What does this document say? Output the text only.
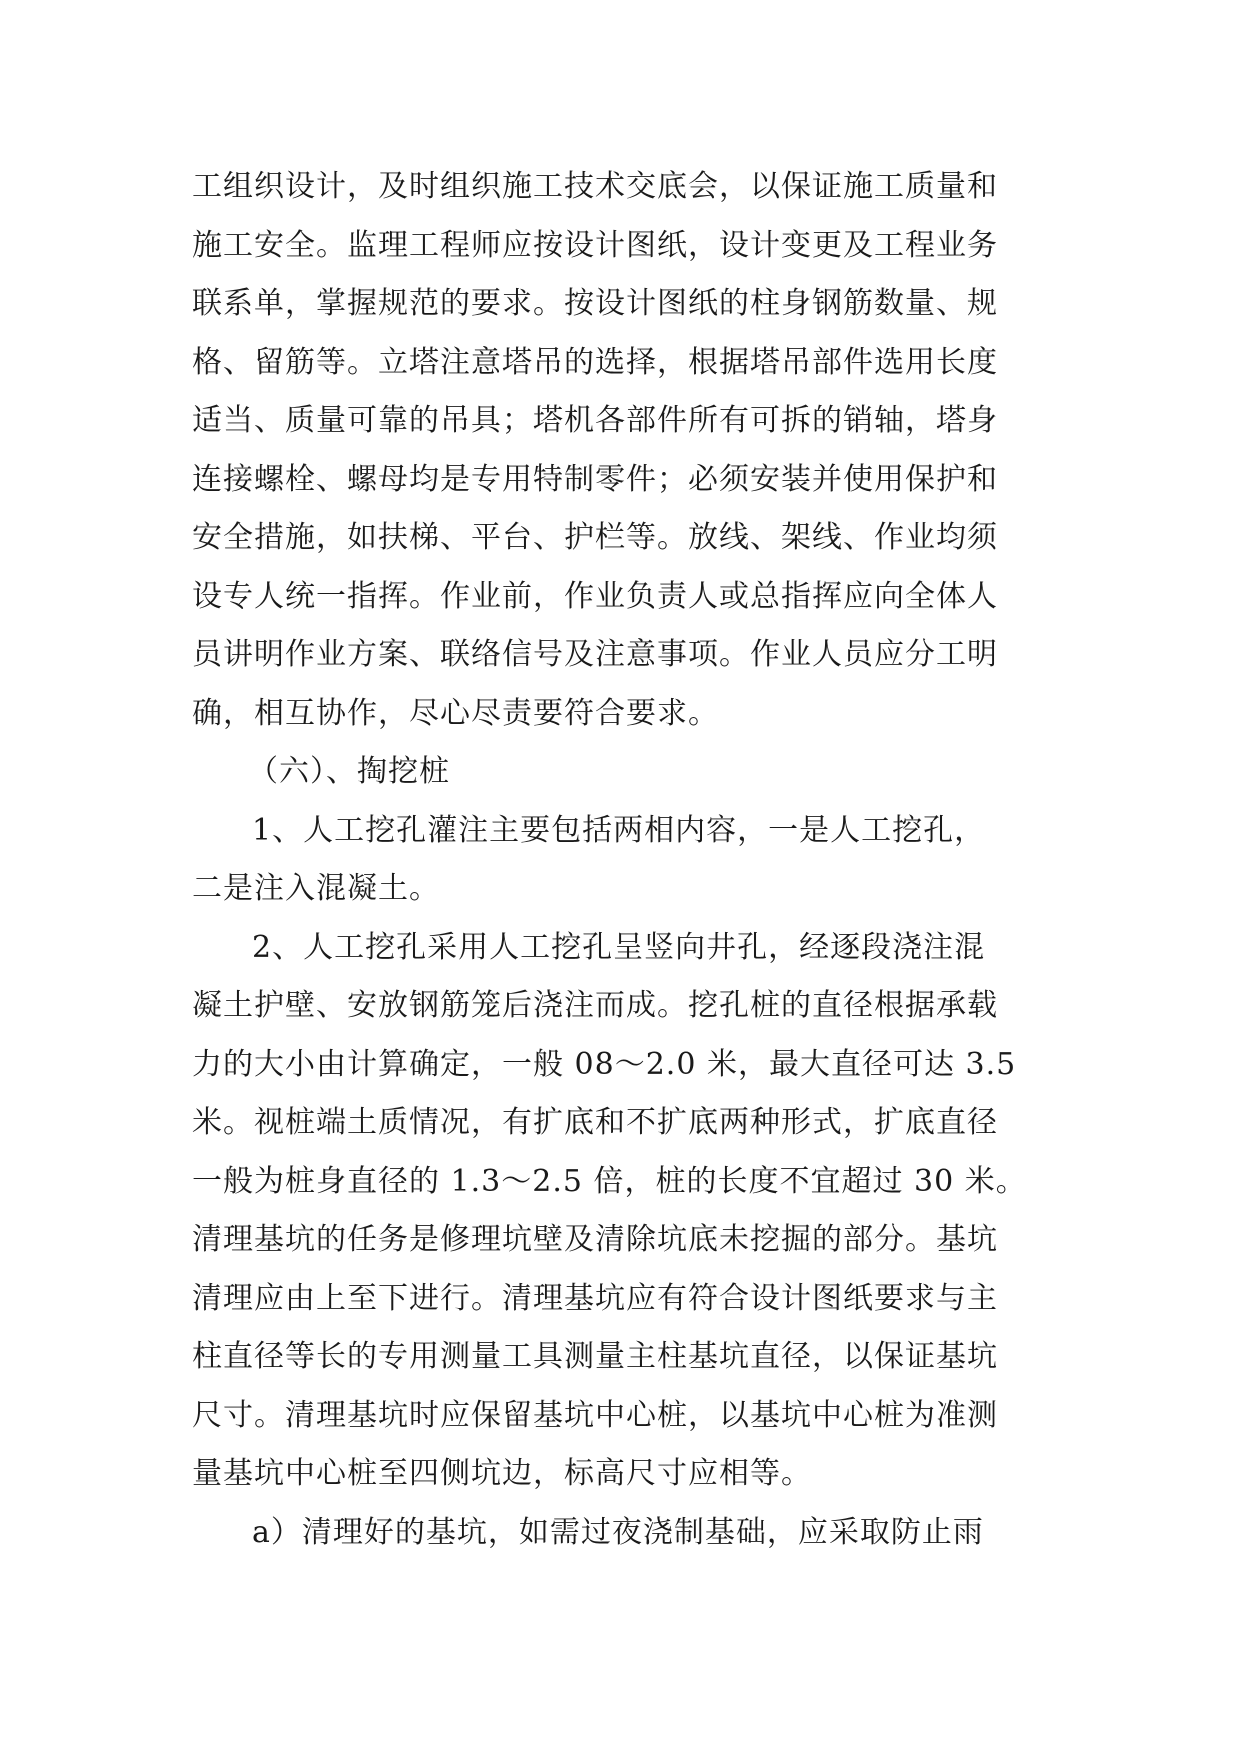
工组织设计，及时组织施工技术交底会，以保证施工质量和
施工安全。监理工程师应按设计图纸，设计变更及工程业务
联系单，掌握规范的要求。按设计图纸的柱身钢筋数量、规
格、留筋等。立塔注意塔吊的选择，根据塔吊部件选用长度
适当、质量可靠的吊具；塔机各部件所有可拆的销轴，塔身
连接螺栓、螺母均是专用特制零件；必须安装并使用保护和
安全措施，如扶梯、平台、护栏等。放线、架线、作业均须
设专人统一指挥。作业前，作业负责人或总指挥应向全体人
员讲明作业方案、联络信号及注意事项。作业人员应分工明
确，相互协作，尽心尽责要符合要求。
（六）、掏挖桩
1、人工挖孔灌注主要包括两相内容，一是人工挖孔，
二是注入混凝土。
2、人工挖孔采用人工挖孔呈竖向井孔，经逐段浇注混
凝土护壁、安放钢筋笼后浇注而成。挖孔桩的直径根据承载
力的大小由计算确定，一般 08～2.0 米，最大直径可达 3.5
米。视桩端土质情况，有扩底和不扩底两种形式，扩底直径
一般为桩身直径的 1.3～2.5 倍，桩的长度不宜超过 30 米。
清理基坑的任务是修理坑壁及清除坑底未挖掘的部分。基坑
清理应由上至下进行。清理基坑应有符合设计图纸要求与主
柱直径等长的专用测量工具测量主柱基坑直径，以保证基坑
尺寸。清理基坑时应保留基坑中心桩，以基坑中心桩为准测
量基坑中心桩至四侧坑边，标高尺寸应相等。
a）清理好的基坑，如需过夜浇制基础，应采取防止雨
